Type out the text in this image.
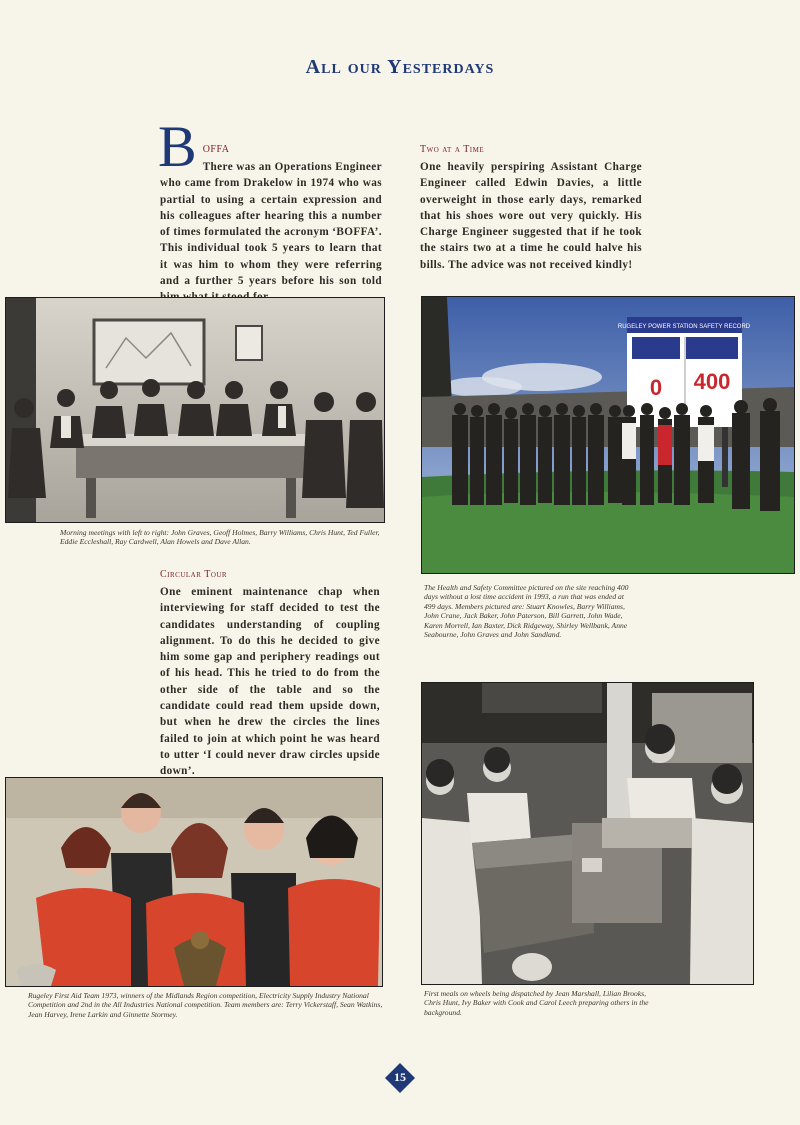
All our Yesterdays
B OFFA

There was an Operations Engineer who came from Drakelow in 1974 who was partial to using a certain expression and his colleagues after hearing this a number of times formulated the acronym ‘BOFFA’. This individual took 5 years to learn that it was him to whom they were referring and a further 5 years before his son told

Two at a Time

One heavily perspiring Assistant Charge Engineer called Edwin Davies, a little overweight in those early days, remarked that his shoes wore out very quickly. His Charge Engineer suggested that if he took the stairs two at a time he could halve his bills. The advice was not received kindly!

Morning meetings with left to right: John Graves, Geoff Holmes, Barry Williams, Chris Hunt, Ted Fuller, Eddie Eccleshall, Ray Cardwell, Alan Howels and Dave Allan.
RUGELEY POWER STATION SAFETY RECORD
0 400
The Health and Safety Committee pictured on the site reaching 400 days without a lost time accident in 1993, a run that was ended at 499 days. Members pictured are: Stuart Knowles, Barry Williams, John Crane, Jack Baker, John Paterson, Bill Garrett, John Wade, Karen Morrell, Ian Baxter, Dick Ridgeway, Shirley Wellbank, Anne Seabourne, John Graves and John Sandland.
Circular Tour

One eminent maintenance chap when interviewing for staff decided to test the candidates understanding of coupling alignment. To do this he decided to give him some gap and periphery readings out of his head. This he tried to do from the other side of the table and so the candidate could read them upside down, but when he drew the circles the lines failed to join at which point he was heard to utter ‘I could never draw circles upside down’.

First meals on wheels being dispatched by Jean Marshall, Lilian Brooks, Chris Hunt, Ivy Baker with Cook and Carol Leech preparing others in the background.
Rugeley First Aid Team 1973, winners of the Midlands Region competition, Electricity Supply Industry National Competition and 2nd in the All Industries National competition. Team members are: Terry Vickerstaff, Sean Watkins, Jean Harvey, Irene Larkin and Ginnette Stormey.
15
